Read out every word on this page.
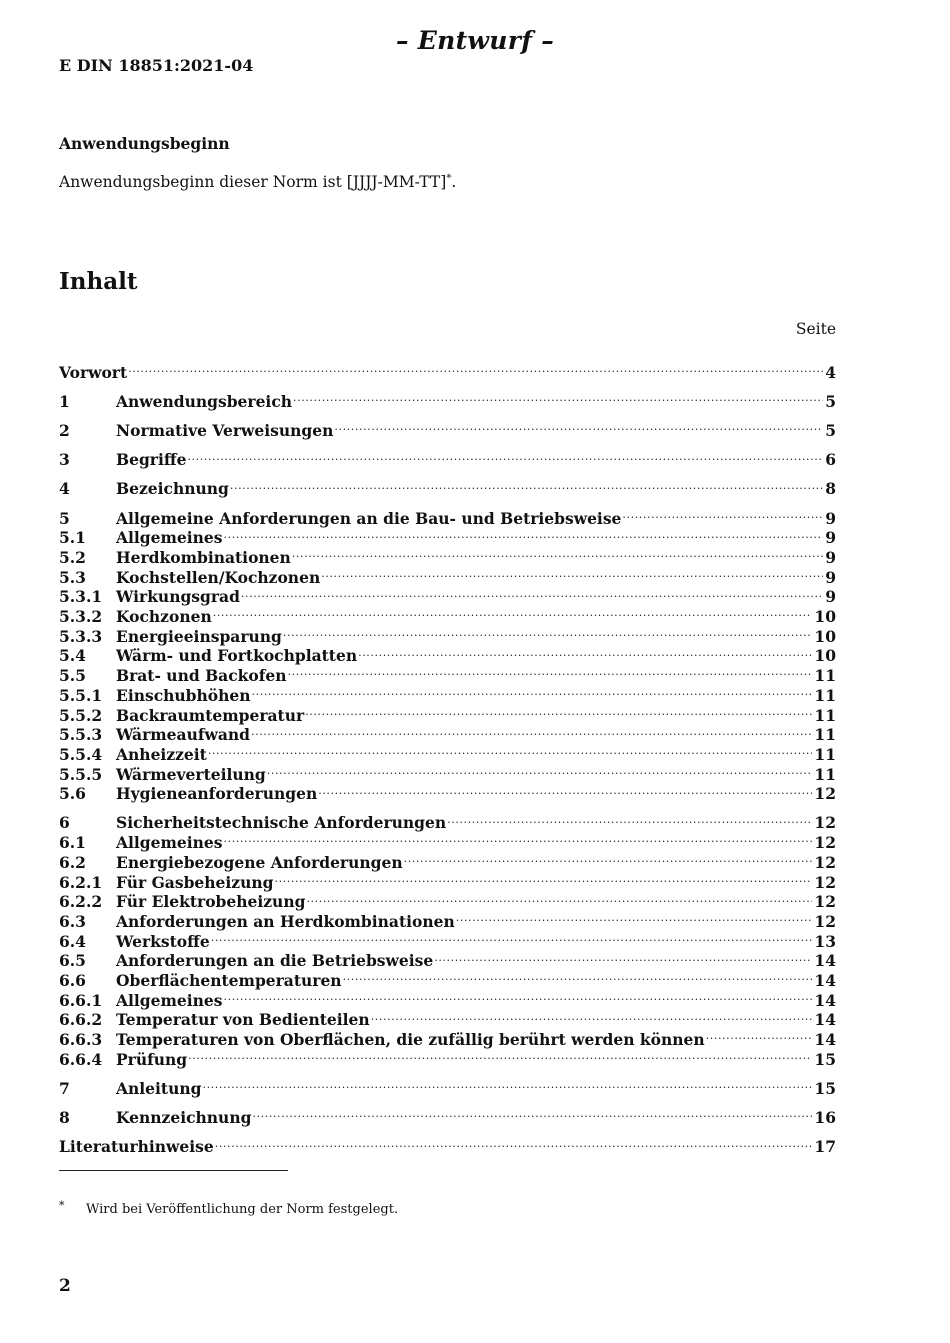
– Entwurf –
E DIN 18851:2021-04
Anwendungsbeginn
Anwendungsbeginn dieser Norm ist [JJJJ-MM-TT]*.
Inhalt
Seite
Vorwort .....	4
1	Anwendungsbereich .....	5
2	Normative Verweisungen .....	5
3	Begriffe .....	6
4	Bezeichnung .....	8
5	Allgemeine Anforderungen an die Bau- und Betriebsweise .....	9
5.1	Allgemeines .....	9
5.2	Herdkombinationen .....	9
5.3	Kochstellen/Kochzonen .....	9
5.3.1 Wirkungsgrad .....	9
5.3.2 Kochzonen .....	10
5.3.3 Energieeinsparung .....	10
5.4	Wärm- und Fortkochplatten .....	10
5.5	Brat- und Backofen .....	11
5.5.1 Einschubhöhen .....	11
5.5.2 Backraumtemperatur .....	11
5.5.3 Wärmeaufwand .....	11
5.5.4 Anheizzeit .....	11
5.5.5 Wärmeverteilung .....	11
5.6	Hygieneanforderungen .....	12
6	Sicherheitstechnische Anforderungen .....	12
6.1	Allgemeines .....	12
6.2	Energiebezogene Anforderungen .....	12
6.2.1 Für Gasbeheizung .....	12
6.2.2 Für Elektrobeheizung .....	12
6.3	Anforderungen an Herdkombinationen .....	12
6.4	Werkstoffe .....	13
6.5	Anforderungen an die Betriebsweise .....	14
6.6	Oberflächentemperaturen .....	14
6.6.1 Allgemeines .....	14
6.6.2 Temperatur von Bedienteilen .....	14
6.6.3 Temperaturen von Oberflächen, die zufällig berührt werden können .....	14
6.6.4 Prüfung .....	15
7	Anleitung .....	15
8	Kennzeichnung .....	16
Literaturhinweise .....	17
* Wird bei Veröffentlichung der Norm festgelegt.
2
